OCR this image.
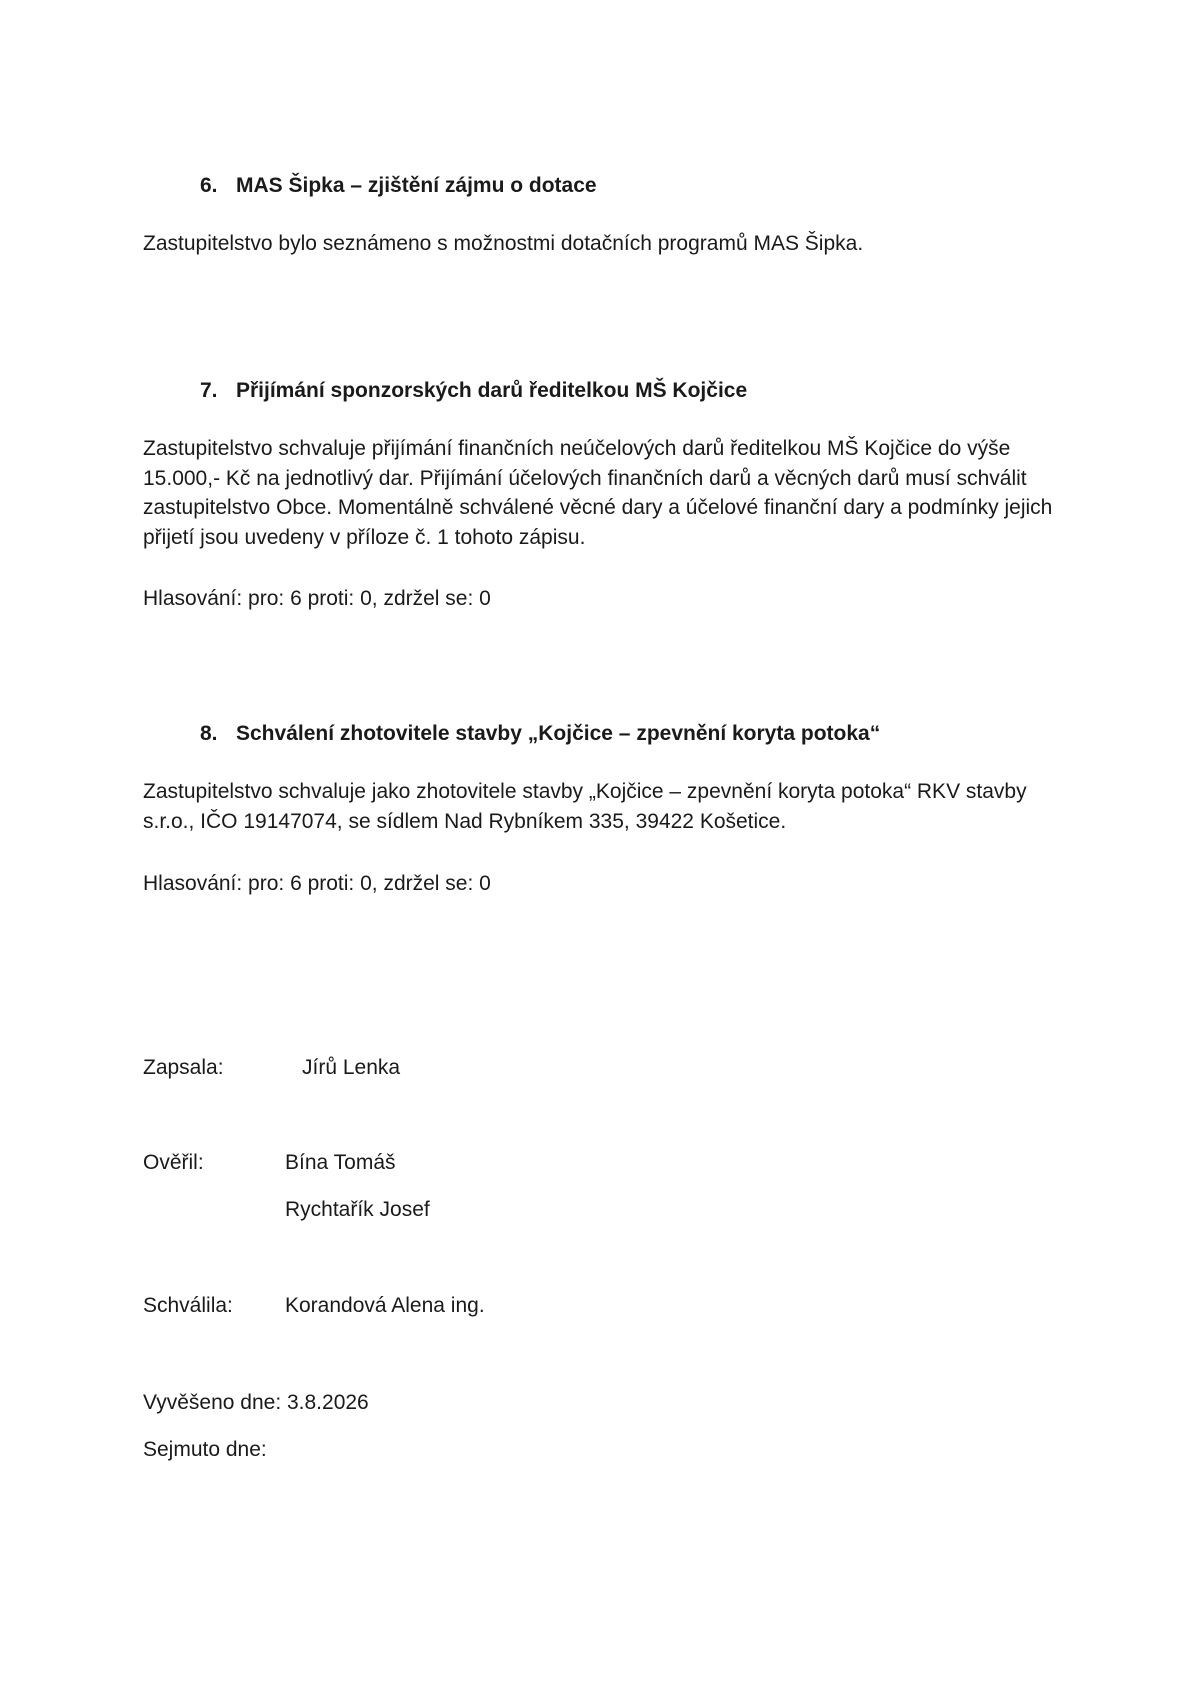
6. MAS Šipka – zjištění zájmu o dotace

Zastupitelstvo bylo seznámeno s možnostmi dotačních programů MAS Šipka.

7. Přijímání sponzorských darů ředitelkou MŠ Kojčice

Zastupitelstvo schvaluje přijímání finančních neúčelových darů ředitelkou MŠ Kojčice do výše
15.000,- Kč na jednotlivý dar. Přijímání účelových finančních darů a věcných darů musí schválit
zastupitelstvo Obce. Momentálně schválené věcné dary a účelové finanční dary a podmínky jejich
přijetí jsou uvedeny v příloze č. 1 tohoto zápisu.

Hlasování: pro: 6 proti: 0, zdržel se: 0

8. Schválení zhotovitele stavby „Kojčice – zpevnění koryta potoka“

Zastupitelstvo schvaluje jako zhotovitele stavby „Kojčice – zpevnění koryta potoka“ RKV stavby
s.r.o., IČO 19147074, se sídlem Nad Rybníkem 335, 39422 Košetice.

Hlasování: pro: 6 proti: 0, zdržel se: 0

Zapsala:	Jírů Lenka
Ověřil:	Bína Tomáš
Rychtařík Josef
Schválila: Korandová Alena ing.
Vyvěšeno dne: 3.8.2026
Sejmuto dne:
